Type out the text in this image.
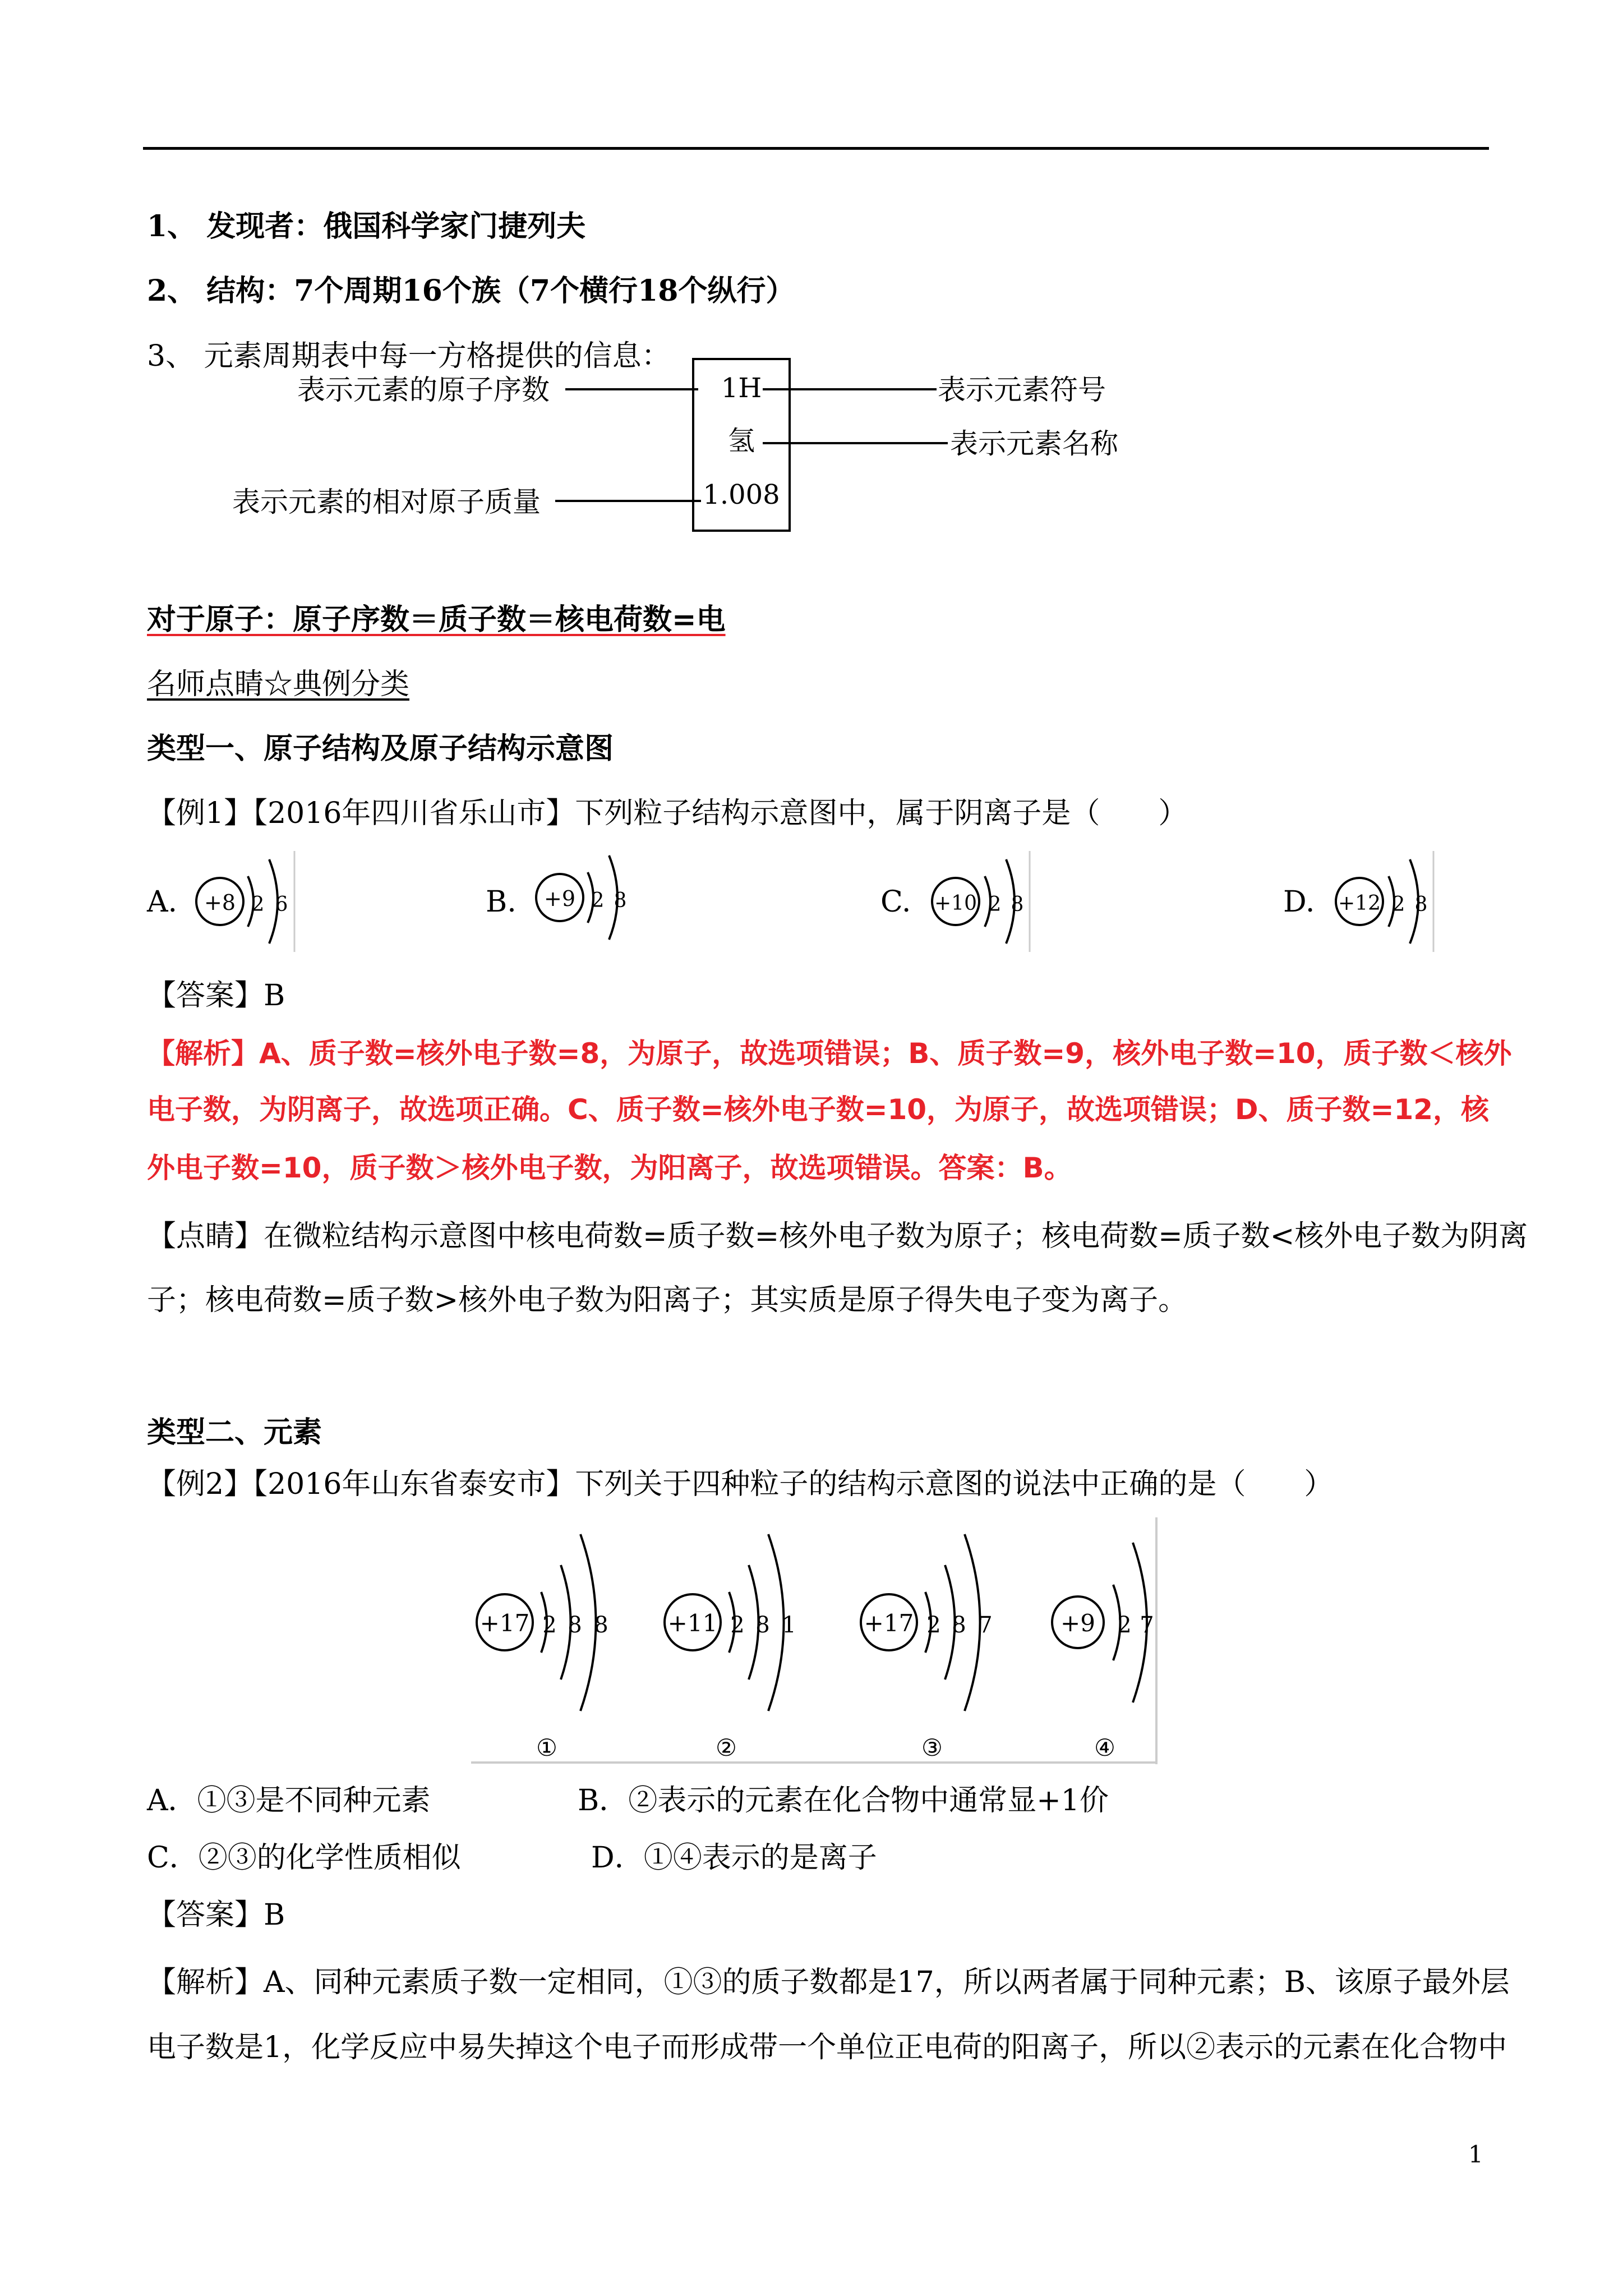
1、 发现者：俄国科学家门捷列夫
2、 结构：7个周期16个族（7个横行18个纵行）
3、 元素周期表中每一方格提供的信息：
1H
氢
1.008
表示元素的原子序数	表示元素符号
表示元素名称
表示元素的相对原子质量
对于原子：原子序数＝质子数＝核电荷数=电
名师点睛☆典例分类
类型一、原子结构及原子结构示意图
【例1】【2016年四川省乐山市】下列粒子结构示意图中，属于阴离子是（　　）
A. +8 2 6	B. +9 2 8	C. +10 2 8	D. +12 2 8
【答案】B
【解析】A、质子数=核外电子数=8，为原子，故选项错误；B、质子数=9，核外电子数=10，质子数＜核外
电子数，为阴离子，故选项正确。C、质子数=核外电子数=10，为原子，故选项错误；D、质子数=12，核
外电子数=10，质子数＞核外电子数，为阳离子，故选项错误。答案：B。
【点睛】在微粒结构示意图中核电荷数=质子数=核外电子数为原子；核电荷数=质子数<核外电子数为阴离
子；核电荷数=质子数>核外电子数为阳离子；其实质是原子得失电子变为离子。
类型二、元素
【例2】【2016年山东省泰安市】下列关于四种粒子的结构示意图的说法中正确的是（　　）
+17 2 8 8
①
+11 2 8 1
②
+17 2 8 7
③
+9 2 7
④
A．①③是不同种元素	B．②表示的元素在化合物中通常显+1价
C．②③的化学性质相似	D．①④表示的是离子
【答案】B
【解析】A、同种元素质子数一定相同，①③的质子数都是17，所以两者属于同种元素；B、该原子最外层
电子数是1，化学反应中易失掉这个电子而形成带一个单位正电荷的阳离子，所以②表示的元素在化合物中
1
